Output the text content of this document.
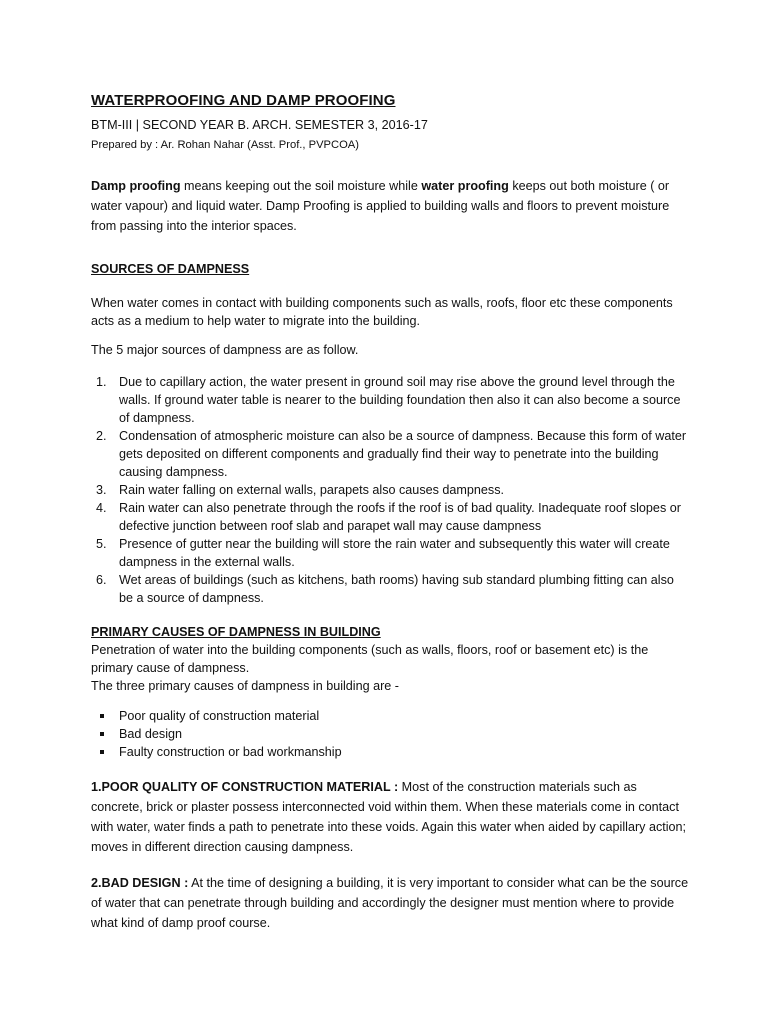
WATERPROOFING AND DAMP PROOFING
BTM-III | SECOND YEAR B. ARCH. SEMESTER 3, 2016-17
Prepared by : Ar. Rohan Nahar (Asst. Prof., PVPCOA)
Damp proofing means keeping out the soil moisture while water proofing keeps out both moisture ( or water vapour) and liquid water. Damp Proofing is applied to building walls and floors to prevent moisture from passing into the interior spaces.
SOURCES OF DAMPNESS

When water comes in contact with building components such as walls, roofs, floor etc these components acts as a medium to help water to migrate into the building.

The 5 major sources of dampness are as follow.

1. Due to capillary action, the water present in ground soil may rise above the ground level through the walls. If ground water table is nearer to the building foundation then also it can also become a source of dampness.
2. Condensation of atmospheric moisture can also be a source of dampness. Because this form of water gets deposited on different components and gradually find their way to penetrate into the building causing dampness.
3. Rain water falling on external walls, parapets also causes dampness.
4. Rain water can also penetrate through the roofs if the roof is of bad quality. Inadequate roof slopes or defective junction between roof slab and parapet wall may cause dampness
5. Presence of gutter near the building will store the rain water and subsequently this water will create dampness in the external walls.
6. Wet areas of buildings (such as kitchens, bath rooms) having sub standard plumbing fitting can also be a source of dampness.
PRIMARY CAUSES OF DAMPNESS IN BUILDING
Penetration of water into the building components (such as walls, floors, roof or basement etc) is the primary cause of dampness.
The three primary causes of dampness in building are -
Poor quality of construction material
Bad design
Faulty construction or bad workmanship
1.POOR QUALITY OF CONSTRUCTION MATERIAL : Most of the construction materials such as concrete, brick or plaster possess interconnected void within them. When these materials come in contact with water, water finds a path to penetrate into these voids. Again this water when aided by capillary action; moves in different direction causing dampness.
2.BAD DESIGN : At the time of designing a building, it is very important to consider what can be the source of water that can penetrate through building and accordingly the designer must mention where to provide what kind of damp proof course.
